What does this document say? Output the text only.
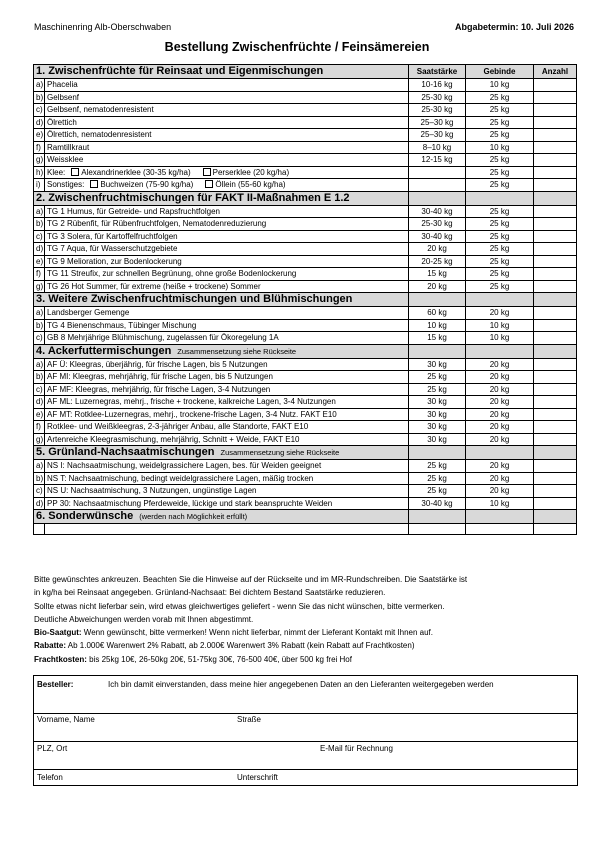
Maschinenring Alb-Oberschwaben	Abgabetermin: 10. Juli 2026
Bestellung Zwischenfrüchte / Feinsämereien
1. Zwischenfrüchte für Reinsaat und Eigenmischungen		Saatstärke	Gebinde	Anzahl
a)	Phacelia	10-16 kg	10 kg	
b)	Gelbsenf	25-30 kg	25 kg	
c)	Gelbsenf, nematodenresistent	25-30 kg	25 kg	
d)	Ölrettich	25–30 kg	25 kg	
e)	Ölrettich, nematodenresistent	25–30 kg	25 kg	
f)	Ramtillkraut	8–10 kg	10 kg	
g)	Weissklee	12-15 kg	25 kg	
h)	Klee: Alexandrinerklee (30-35 kg/ha) Perserklee (20 kg/ha)		25 kg	
i)	Sonstiges: Buchweizen (75-90 kg/ha) Öllein (55-60 kg/ha)		25 kg	
2. Zwischenfruchtmischungen für FAKT II-Maßnahmen E 1.2				
a)	TG 1 Humus, für Getreide- und Rapsfruchtfolgen	30-40 kg	25 kg	
b)	TG 2 Rübenfit, für Rübenfruchtfolgen, Nematodenreduzierung	25-30 kg	25 kg	
c)	TG 3 Solera, für Kartoffelfruchtfolgen	30-40 kg	25 kg	
d)	TG 7 Aqua, für Wasserschutzgebiete	20 kg	25 kg	
e)	TG 9 Melioration, zur Bodenlockerung	20-25 kg	25 kg	
f)	TG 11 Streufix, zur schnellen Begrünung, ohne große Bodenlockerung	15 kg	25 kg	
g)	TG 26 Hot Summer, für extreme (heiße + trockene) Sommer	20 kg	25 kg	
3. Weitere Zwischenfruchtmischungen und Blühmischungen				
a)	Landsberger Gemenge	60 kg	20 kg	
b)	TG 4 Bienenschmaus, Tübinger Mischung	10 kg	10 kg	
c)	GB 8 Mehrjährige Blühmischung, zugelassen für Ökoregelung 1A	15 kg	10 kg	
4. Ackerfuttermischungen Zusammensetzung siehe Rückseite				
a)	AF Ü: Kleegras, überjährig, für frische Lagen, bis 5 Nutzungen	30 kg	20 kg	
b)	AF MI: Kleegras, mehrjährig, für frische Lagen, bis 5 Nutzungen	25 kg	20 kg	
c)	AF MF: Kleegras, mehrjährig, für frische Lagen, 3-4 Nutzungen	25 kg	20 kg	
d)	AF ML: Luzernegras, mehrj., frische + trockene, kalkreiche Lagen, 3-4 Nutzungen	30 kg	20 kg	
e)	AF MT: Rotklee-Luzernegras, mehrj., trockene-frische Lagen, 3-4 Nutz. FAKT E10	30 kg	20 kg	
f)	Rotklee- und Weißkleegras, 2-3-jähriger Anbau, alle Standorte, FAKT E10	30 kg	20 kg	
g)	Artenreiche Kleegrasmischung, mehrjährig, Schnitt + Weide, FAKT E10	30 kg	20 kg	
5. Grünland-Nachsaatmischungen Zusammensetzung siehe Rückseite				
a)	NS I: Nachsaatmischung, weidelgrassichere Lagen, bes. für Weiden geeignet	25 kg	20 kg	
b)	NS T: Nachsaatmischung, bedingt weidelgrassichere Lagen, mäßig trocken	25 kg	20 kg	
c)	NS U: Nachsaatmischung, 3 Nutzungen, ungünstige Lagen	25 kg	20 kg	
d)	PP 30: Nachsaatmischung Pferdeweide, lückige und stark beanspruchte Weiden	30-40 kg	10 kg	
6. Sonderwünsche (werden nach Möglichkeit erfüllt)				

Bitte gewünschtes ankreuzen. Beachten Sie die Hinweise auf der Rückseite und im MR-Rundschreiben. Die Saatstärke ist

in kg/ha bei Reinsaat angegeben. Grünland-Nachsaat: Bei dichtem Bestand Saatstärke reduzieren.

Sollte etwas nicht lieferbar sein, wird etwas gleichwertiges geliefert - wenn Sie das nicht wünschen, bitte vermerken.

Deutliche Abweichungen werden vorab mit Ihnen abgestimmt.

Bio-Saatgut: Wenn gewünscht, bitte vermerken! Wenn nicht lieferbar, nimmt der Lieferant Kontakt mit Ihnen auf.

Rabatte: Ab 1.000€ Warenwert 2% Rabatt, ab 2.000€ Warenwert 3% Rabatt (kein Rabatt auf Frachtkosten)

Frachtkosten: bis 25kg 10€, 26-50kg 20€, 51-75kg 30€, 76-500 40€, über 500 kg frei Hof

Besteller:	Ich bin damit einverstanden, dass meine hier angegebenen Daten an den Lieferanten weitergegeben werden
Vorname, Name	Straße
PLZ, Ort	E-Mail für Rechnung
Telefon	Unterschrift
